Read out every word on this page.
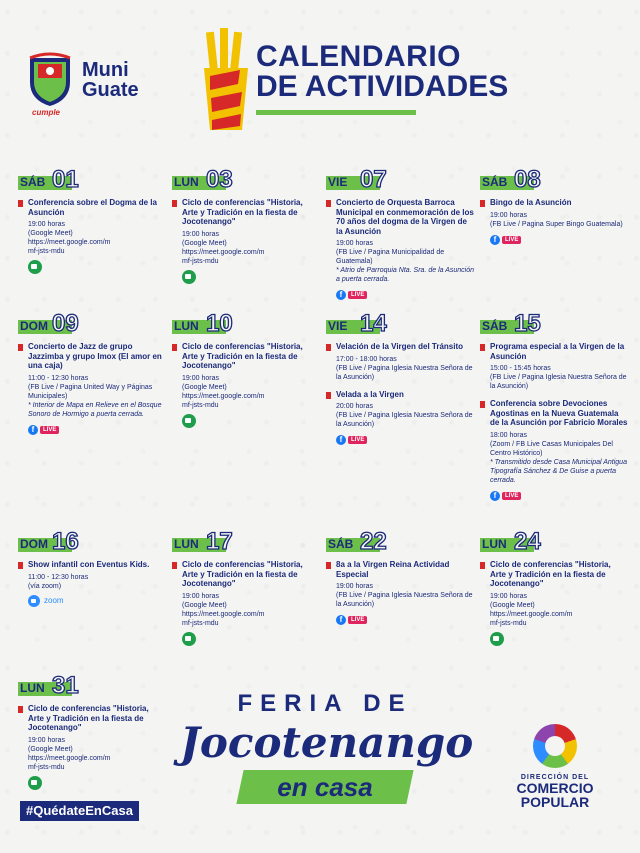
Muni
Guate
cumple
CALENDARIO
DE ACTIVIDADES
SÁB 01
Conferencia sobre el Dogma de la Asunción
19:00 horas
(Google Meet)
https://meet.google.com/m
mf-jsts-mdu
LUN 03
Ciclo de conferencias "Historia, Arte y Tradición en la fiesta de Jocotenango"
19:00 horas
(Google Meet)
https://meet.google.com/m
mf-jsts-mdu
VIE 07
Concierto de Orquesta Barroca Municipal en conmemoración de los 70 años del dogma de la Virgen de la Asunción
19:00 horas
(FB Live / Pagina Municipalidad de Guatemala)
* Atrio de Parroquia Nta. Sra. de la Asunción a puerta cerrada.
f	LIVE
SÁB 08
Bingo de la Asunción
19:00 horas
(FB Live / Pagina Super Bingo Guatemala)
f	LIVE
DOM 09
Concierto de Jazz de grupo Jazzimba y grupo Imox (El amor en una caja)
11:00 - 12:30 horas
(FB Live / Pagina United Way y Páginas Municipales)
* Interior de Mapa en Relieve en el Bosque Sonoro de Hormigo a puerta cerrada.
f	LIVE
LUN 10
Ciclo de conferencias "Historia, Arte y Tradición en la fiesta de Jocotenango"
19:00 horas
(Google Meet)
https://meet.google.com/m
mf-jsts-mdu
VIE 14
Velación de la Virgen del Tránsito
17:00 - 18:00 horas
(FB Live / Pagina Iglesia Nuestra Señora de la Asunción)
Velada a la Virgen
20:00 horas
(FB Live / Pagina Iglesia Nuestra Señora de la Asunción)
f	LIVE
SÁB 15
Programa especial a la Virgen de la Asunción
15:00 - 15:45 horas
(FB Live / Pagina Iglesia Nuestra Señora de la Asunción)
Conferencia sobre Devociones Agostinas en la Nueva Guatemala de la Asunción por Fabricio Morales
18:00 horas
(Zoom / FB Live Casas Municipales Del Centro Histórico)
* Transmitido desde Casa Municipal Antigua Tipografía Sánchez & De Guise a puerta cerrada.
f	LIVE
DOM 16
Show infantil con Eventus Kids.
11:00 - 12:30 horas
(vía zoom)
zoom
LUN 17
Ciclo de conferencias "Historia, Arte y Tradición en la fiesta de Jocotenango"
19:00 horas
(Google Meet)
https://meet.google.com/m
mf-jsts-mdu
SÁB 22
8a a la Virgen Reina Actividad Especial
19:00 horas
(FB Live / Pagina Iglesia Nuestra Señora de la Asunción)
f	LIVE
LUN 24
Ciclo de conferencias "Historia, Arte y Tradición en la fiesta de Jocotenango"
19:00 horas
(Google Meet)
https://meet.google.com/m
mf-jsts-mdu
LUN 31
Ciclo de conferencias "Historia, Arte y Tradición en la fiesta de Jocotenango"
19:00 horas
(Google Meet)
https://meet.google.com/m
mf-jsts-mdu
FERIA DE
Jocotenango
en casa
#QuédateEnCasa
DIRECCIÓN DEL
COMERCIO
POPULAR
